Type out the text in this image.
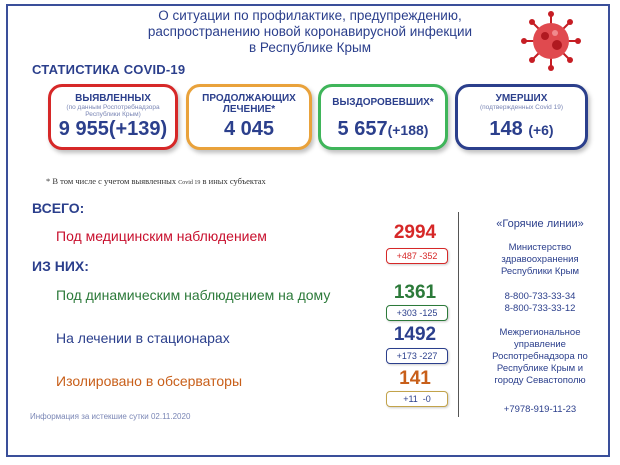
О ситуации по профилактике, предупреждению,
распространению новой коронавирусной инфекции
в Республике Крым
СТАТИСТИКА COVID-19
ВЫЯВЛЕННЫХ
(по данным Роспотребнадзора
Республики Крым)
9 955(+139)
ПРОДОЛЖАЮЩИХ
ЛЕЧЕНИЕ*
4 045
ВЫЗДОРОВЕВШИХ*
5 657(+188)
УМЕРШИХ
(подтвержденных Covid 19)
148 (+6)
* В том числе с учетом выявленных Covid 19 в иных субъектах
ВСЕГО:
ИЗ НИХ:
Под медицинским наблюдением
Под динамическим наблюдением на дому
На лечении в стационарах
Изолировано в обсерваторы
2994
1361
1492
141
+487 -352
+303 -125
+173 -227
+11  -0
«Горячие линии»
Министерство
здравоохранения
Республики Крым
8-800-733-33-34
8-800-733-33-12
Межрегиональное
управление
Роспотребнадзора по
Республике Крым и
городу Севастополю
+7978-919-11-23
Информация за истекшие сутки 02.11.2020
